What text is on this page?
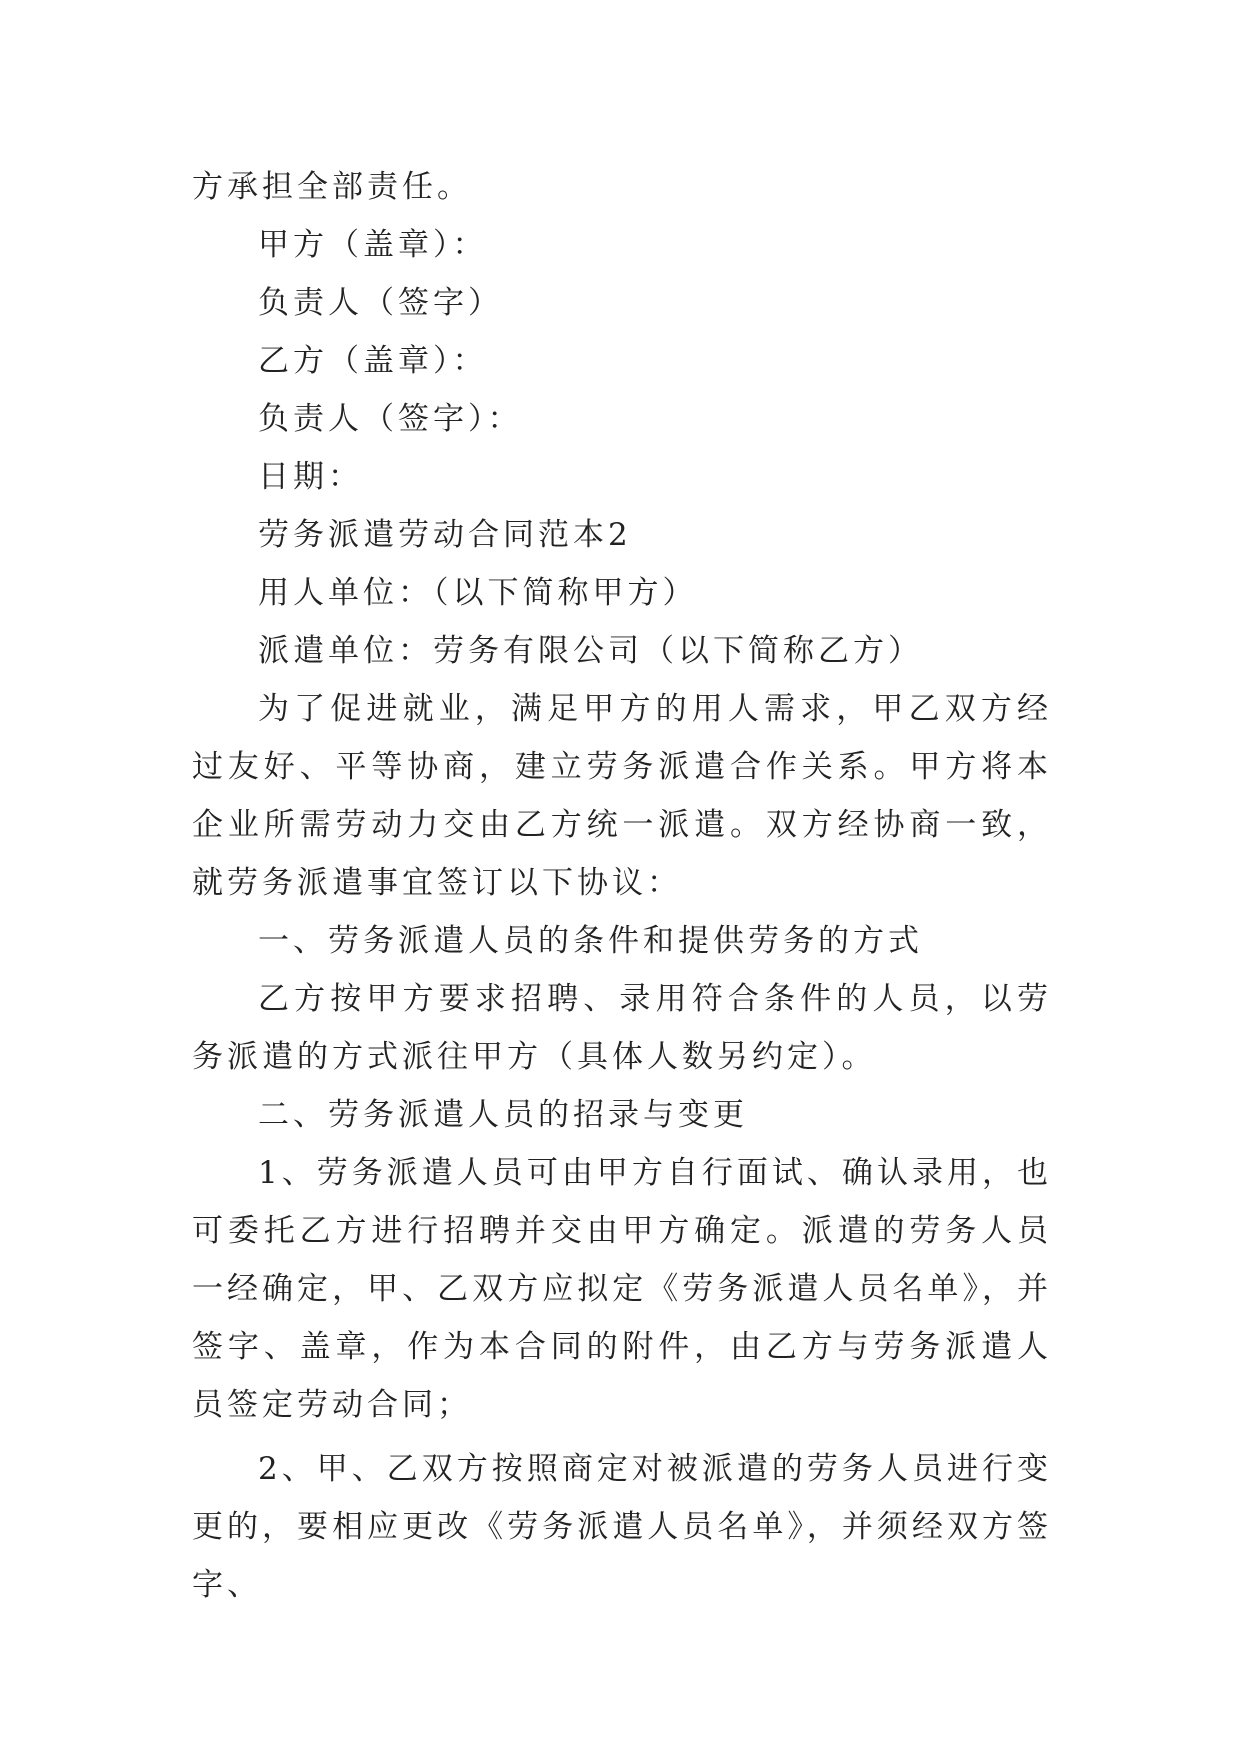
方承担全部责任。

甲方（盖章）：

负责人（签字）

乙方（盖章）：

负责人（签字）：

日期：

劳务派遣劳动合同范本2

用人单位：（以下简称甲方）

派遣单位：劳务有限公司（以下简称乙方）

为了促进就业，满足甲方的用人需求，甲乙双方经过友好、平等协商，建立劳务派遣合作关系。甲方将本企业所需劳动力交由乙方统一派遣。双方经协商一致，就劳务派遣事宜签订以下协议：

一、劳务派遣人员的条件和提供劳务的方式

乙方按甲方要求招聘、录用符合条件的人员，以劳务派遣的方式派往甲方（具体人数另约定）。

二、劳务派遣人员的招录与变更

1、劳务派遣人员可由甲方自行面试、确认录用，也可委托乙方进行招聘并交由甲方确定。派遣的劳务人员一经确定，甲、乙双方应拟定《劳务派遣人员名单》，并签字、盖章，作为本合同的附件，由乙方与劳务派遣人员签定劳动合同；

2、甲、乙双方按照商定对被派遣的劳务人员进行变更的，要相应更改《劳务派遣人员名单》，并须经双方签字、
